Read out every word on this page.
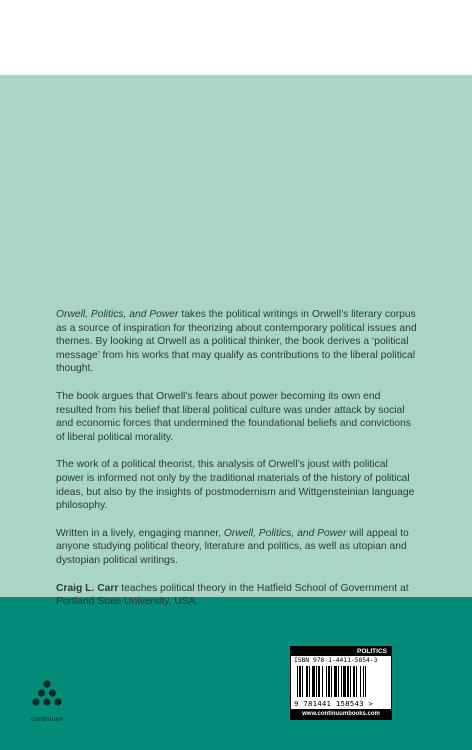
Orwell, Politics, and Power takes the political writings in Orwell’s literary corpus as a source of inspiration for theorizing about contemporary political issues and themes. By looking at Orwell as a political thinker, the book derives a ‘political message’ from his works that may qualify as contributions to the liberal political thought.

The book argues that Orwell’s fears about power becoming its own end resulted from his belief that liberal political culture was under attack by social and economic forces that undermined the foundational beliefs and convictions of liberal political morality.

The work of a political theorist, this analysis of Orwell’s joust with political power is informed not only by the traditional materials of the history of political ideas, but also by the insights of postmodernism and Wittgensteinian language philosophy.

Written in a lively, engaging manner, Orwell, Politics, and Power will appeal to anyone studying political theory, literature and politics, as well as utopian and dystopian political writings.

Craig L. Carr teaches political theory in the Hatfield School of Government at Portland State University, USA.

continuum
POLITICS
ISBN 978-1-4411-5854-3
9 781441 158543 >
www.continuumbooks.com
